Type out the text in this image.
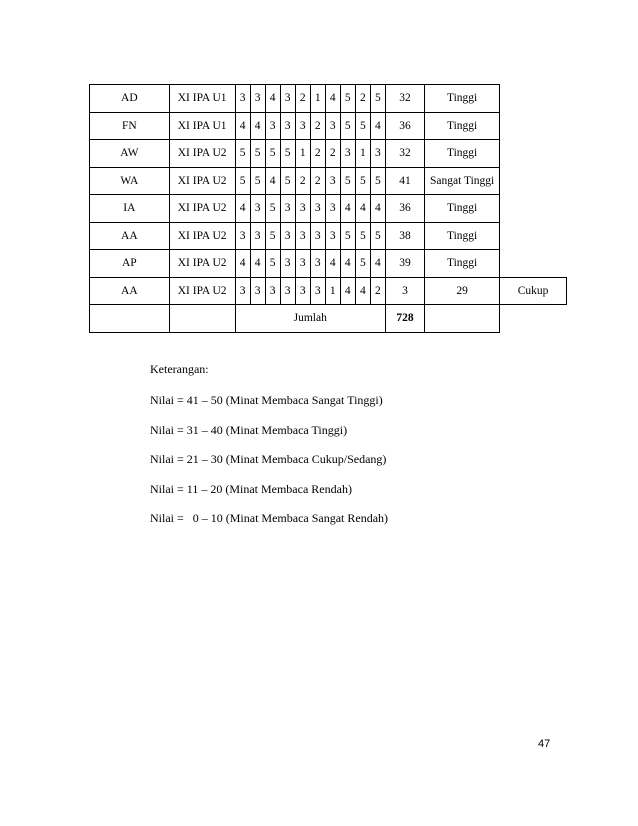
AD	XI IPA U1	3	3	4	3	2	1	4	5	2	5	32	Tinggi	
FN	XI IPA U1	4	4	3	3	3	2	3	5	5	4	36	Tinggi	
AW	XI IPA U2	5	5	5	5	1	2	2	3	1	3	32	Tinggi	
WA	XI IPA U2	5	5	4	5	2	2	3	5	5	5	41	Sangat Tinggi	
IA	XI IPA U2	4	3	5	3	3	3	3	4	4	4	36	Tinggi	
AA	XI IPA U2	3	3	5	3	3	3	3	5	5	5	38	Tinggi	
AP	XI IPA U2	4	4	5	3	3	3	4	4	5	4	39	Tinggi	
AA	XI IPA U2	3	3	3	3	3	3	1	4	4	2	3	29	Cukup
		Jumlah										728		

Keterangan:

Nilai = 41 – 50 (Minat Membaca Sangat Tinggi)

Nilai = 31 – 40 (Minat Membaca Tinggi)

Nilai = 21 – 30 (Minat Membaca Cukup/Sedang)

Nilai = 11 – 20 (Minat Membaca Rendah)

Nilai =   0 – 10 (Minat Membaca Sangat Rendah)

47
